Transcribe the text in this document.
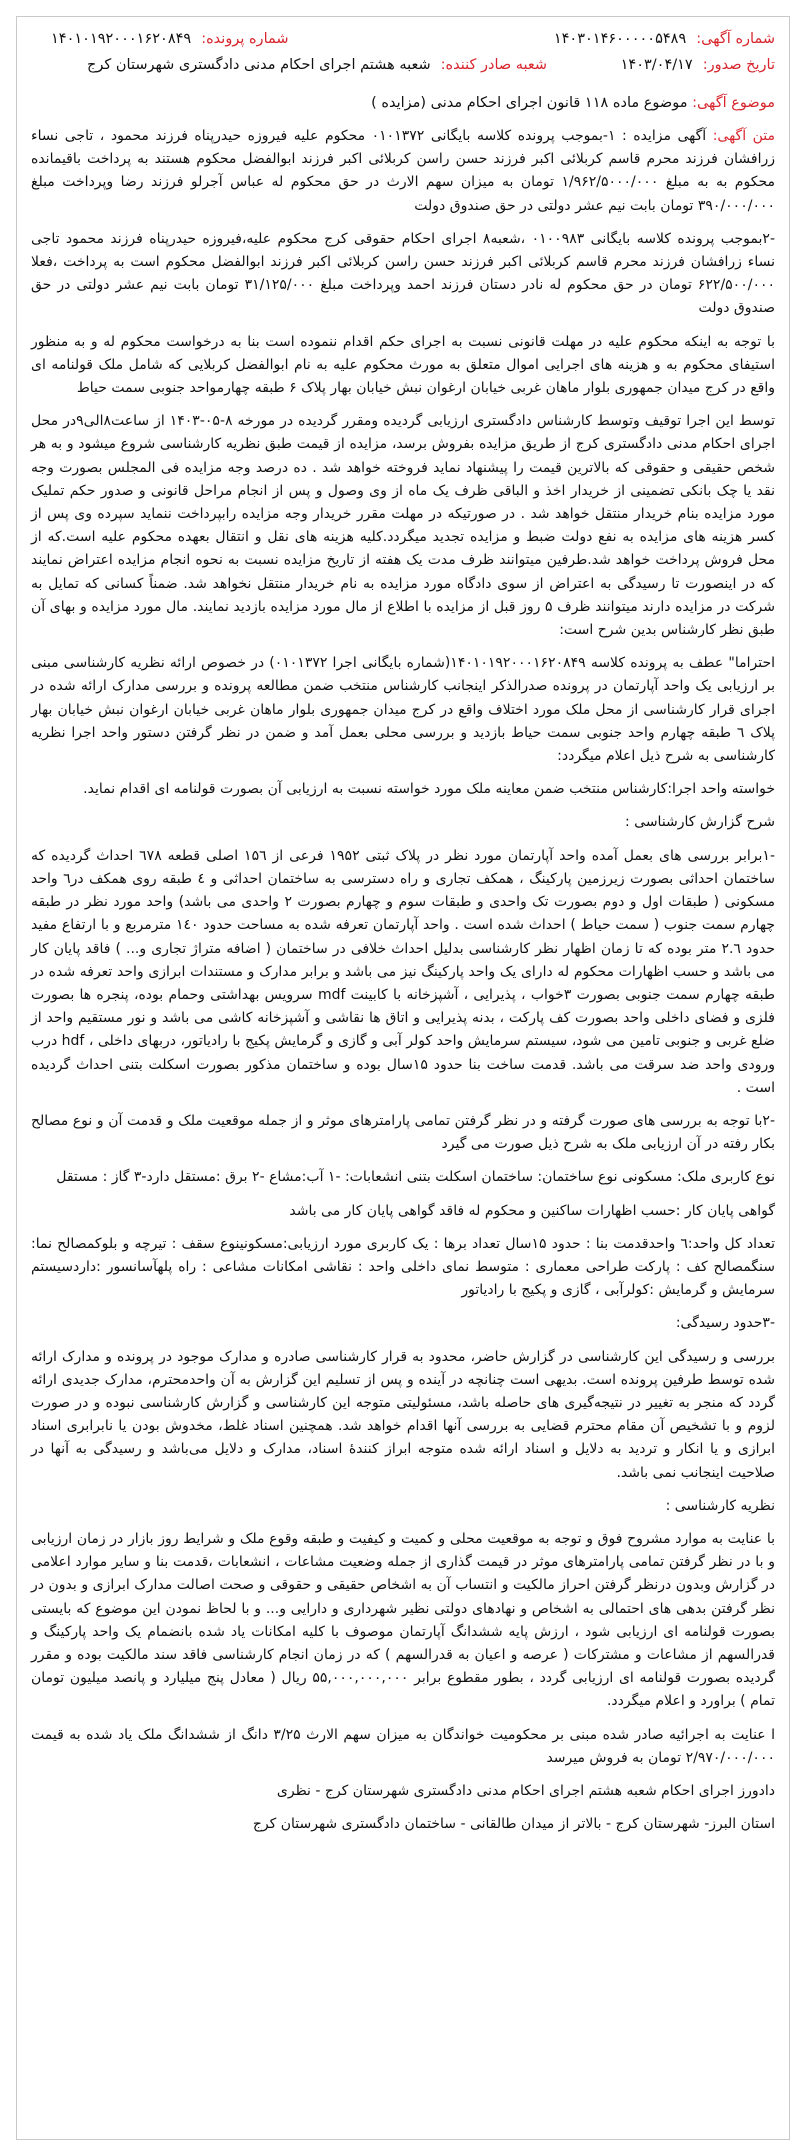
شماره آگهی:
۱۴۰۳۰۱۴۶۰۰۰۰۰۵۴۸۹
شماره پرونده:
۱۴۰۱۰۱۹۲۰۰۰۱۶۲۰۸۴۹
تاریخ صدور:
۱۴۰۳/۰۴/۱۷
شعبه صادر کننده:
شعبه هشتم اجرای احکام مدنی دادگستری شهرستان کرج
موضوع آگهی: موضوع ماده ۱۱۸ قانون اجرای احکام مدنی (مزایده )

متن آگهی: آگهی مزایده : ۱-بموجب پرونده کلاسه بایگانی ۰۱۰۱۳۷۲ محکوم علیه فیروزه حیدرپناه فرزند محمود ، تاجی نساء زرافشان فرزند محرم قاسم کربلائی اکبر فرزند حسن راسن کربلائی اکبر فرزند ابوالفضل محکوم هستند به پرداخت باقیمانده محکوم به به مبلغ ۱/۹۶۲/۵۰۰۰/۰۰۰ تومان به میزان سهم الارث در حق محکوم له عباس آجرلو فرزند رضا وپرداخت مبلغ ۳۹۰/۰۰۰/۰۰۰ تومان بابت نیم عشر دولتی در حق صندوق دولت

-۲بموجب پرونده کلاسه بایگانی ۰۱۰۰۹۸۳ ،شعبه۸ اجرای احکام حقوقی کرج محکوم علیه،فیروزه حیدرپناه فرزند محمود تاجی نساء زرافشان فرزند محرم قاسم کربلائی اکبر فرزند حسن راسن کربلائی اکبر فرزند ابوالفضل محکوم است به پرداخت ،فعلا ۶۲۲/۵۰۰/۰۰۰ تومان در حق محکوم له نادر دستان فرزند احمد وپرداخت مبلغ ۳۱/۱۲۵/۰۰۰ تومان بابت نیم عشر دولتی در حق صندوق دولت

با توجه به اینکه محکوم علیه در مهلت قانونی نسبت به اجرای حکم اقدام ننموده است بنا به درخواست محکوم له و به منظور استیفای محکوم به و هزینه های اجرایی اموال متعلق به مورث محکوم علیه به نام ابوالفضل کربلایی که شامل ملک قولنامه ای واقع در کرج میدان جمهوری بلوار ماهان غربی خیابان ارغوان نبش خیابان بهار پلاک ۶ طبقه چهارمواحد جنوبی سمت حیاط

توسط این اجرا توقیف وتوسط کارشناس دادگستری ارزیابی گردیده ومقرر گردیده در مورخه ۸-۰۵-۱۴۰۳ از ساعت۸الی۹در محل اجرای احکام مدنی دادگستری کرج از طریق مزایده بفروش برسد، مزایده از قیمت طبق نظریه کارشناسی شروع میشود و به هر شخص حقیقی و حقوقی که بالاترین قیمت را پیشنهاد نماید فروخته خواهد شد . ده درصد وجه مزایده فی المجلس بصورت وجه نقد یا چک بانکی تضمینی از خریدار اخذ و الباقی ظرف یک ماه از وی وصول و پس از انجام مراحل قانونی و صدور حکم تملیک مورد مزایده بنام خریدار منتقل خواهد شد . در صورتیکه در مهلت مقرر خریدار وجه مزایده رابپرداخت ننماید سپرده وی پس از کسر هزینه های مزایده به نفع دولت ضبط و مزایده تجدید میگردد.کلیه هزینه های نقل و انتقال بعهده محکوم علیه است.که از محل فروش پرداخت خواهد شد.طرفین میتوانند ظرف مدت یک هفته از تاریخ مزایده نسبت به نحوه انجام مزایده اعتراض نمایند که در اینصورت تا رسیدگی به اعتراض از سوی دادگاه مورد مزایده به نام خریدار منتقل نخواهد شد. ضمناً کسانی که تمایل به شرکت در مزایده دارند میتوانند ظرف ۵ روز قبل از مزایده با اطلاع از مال مورد مزایده بازدید نمایند. مال مورد مزایده و بهای آن طبق نظر کارشناس بدین شرح است:

احتراما" عطف به پرونده کلاسه ۱۴۰۱۰۱۹۲۰۰۰۱۶۲۰۸۴۹(شماره بایگانی اجرا ۰۱۰۱۳۷۲) در خصوص ارائه نظریه کارشناسی مبنی بر ارزیابی یک واحد آپارتمان در پرونده صدرالذکر اینجانب کارشناس منتخب ضمن مطالعه پرونده و بررسی مدارک ارائه شده در اجرای قرار کارشناسی از محل ملک مورد اختلاف واقع در کرج میدان جمهوری بلوار ماهان غربی خیابان ارغوان نبش خیابان بهار پلاک ٦ طبقه چهارم واحد جنوبی سمت حیاط بازدید و بررسی محلی بعمل آمد و ضمن در نظر گرفتن دستور واحد اجرا نظریه کارشناسی به شرح ذیل اعلام میگردد:

خواسته واحد اجرا:کارشناس منتخب ضمن معاینه ملک مورد خواسته نسبت به ارزیابی آن بصورت قولنامه ای اقدام نماید.

شرح گزارش کارشناسی :

-۱برابر بررسی های بعمل آمده واحد آپارتمان مورد نظر در پلاک ثبتی ۱۹۵۲ فرعی از ۱۵٦ اصلی قطعه ٦٧٨ احداث گردیده که ساختمان احداثی بصورت زیرزمین پارکینگ ، همکف تجاری و راه دسترسی به ساختمان احداثی و ٤ طبقه روی همکف در٦ واحد مسکونی ( طبقات اول و دوم بصورت تک واحدی و طبقات سوم و چهارم بصورت ۲ واحدی می باشد) واحد مورد نظر در طبقه چهارم سمت جنوب ( سمت حیاط ) احداث شده است . واحد آپارتمان تعرفه شده به مساحت حدود ۱٤۰ مترمربع و با ارتفاع مفید حدود ۲.٦ متر بوده که تا زمان اظهار نظر کارشناسی بدلیل احداث خلافی در ساختمان ( اضافه متراژ تجاری و... ) فاقد پایان کار می باشد و حسب اظهارات محکوم له دارای یک واحد پارکینگ نیز می باشد و برابر مدارک و مستندات ابرازی واحد تعرفه شده در طبقه چهارم سمت جنوبی بصورت ۳خواب ، پذیرایی ، آشپزخانه با کابینت mdf سرویس بهداشتی وحمام بوده، پنجره ها بصورت فلزی و فضای داخلی واحد بصورت کف پارکت ، بدنه پذیرایی و اتاق ها نقاشی و آشپزخانه کاشی می باشد و نور مستقیم واحد از ضلع غربی و جنوبی تامین می شود، سیستم سرمایش واحد کولر آبی و گازی و گرمایش پکیج با رادیاتور، دربهای داخلی ، hdf درب ورودی واحد ضد سرقت می باشد. قدمت ساخت بنا حدود ۱۵سال بوده و ساختمان مذکور بصورت اسکلت بتنی احداث گردیده است .

-۲با توجه به بررسی های صورت گرفته و در نظر گرفتن تمامی پارامترهای موثر و از جمله موقعیت ملک و قدمت آن و نوع مصالح بکار رفته در آن ارزیابی ملک به شرح ذیل صورت می گیرد

نوع کاربری ملک: مسکونی نوع ساختمان: ساختمان اسکلت بتنی انشعابات: -۱ آب:مشاع -۲ برق :مستقل دارد-۳ گاز : مستقل

گواهی پایان کار :حسب اظهارات ساکنین و محکوم له فاقد گواهی پایان کار می باشد

تعداد کل واحد:٦ واحدقدمت بنا : حدود ۱۵سال تعداد برها : یک کاربری مورد ارزیابی:مسکونینوع سقف : تیرچه و بلوکمصالح نما: سنگمصالح کف : پارکت طراحی معماری : متوسط نمای داخلی واحد : نقاشی امکانات مشاعی : راه پلهآسانسور :داردسیستم سرمایش و گرمایش :کولرآبی ، گازی و پکیج با رادیاتور

-۳حدود رسیدگی:

بررسی و رسیدگی این کارشناسی در گزارش حاضر، محدود به قرار کارشناسی صادره و مدارک موجود در پرونده و مدارک ارائه شده توسط طرفین پرونده است. بدیهی است چنانچه در آینده و پس از تسلیم این گزارش به آن واحدمحترم، مدارک جدیدی ارائه گردد که منجر به تغییر در نتیجه‌گیری های حاصله باشد، مسئولیتی متوجه این کارشناسی و گزارش کارشناسی نبوده و در صورت لزوم و با تشخیص آن مقام محترم قضایی به بررسی آنها اقدام خواهد شد. همچنین اسناد غلط، مخدوش بودن یا نابرابری اسناد ابرازی و یا انکار و تردید به دلایل و اسناد ارائه شده متوجه ابراز کنندۀ اسناد، مدارک و دلایل می‌باشد و رسیدگی به آنها در صلاحیت اینجانب نمی باشد.

نظریه کارشناسی :

با عنایت به موارد مشروح فوق و توجه به موقعیت محلی و کمیت و کیفیت و طبقه وقوع ملک و شرایط روز بازار در زمان ارزیابی و با در نظر گرفتن تمامی پارامترهای موثر در قیمت گذاری از جمله وضعیت مشاعات ، انشعابات ،قدمت بنا و سایر موارد اعلامی در گزارش وبدون درنظر گرفتن احراز مالکیت و انتساب آن به اشخاص حقیقی و حقوقی و صحت اصالت مدارک ابرازی و بدون در نظر گرفتن بدهی های احتمالی به اشخاص و نهادهای دولتی نظیر شهرداری و دارایی و... و با لحاظ نمودن این موضوع که بایستی بصورت قولنامه ای ارزیابی شود ، ارزش پایه ششدانگ آپارتمان موصوف با کلیه امکانات یاد شده بانضمام یک واحد پارکینگ و قدرالسهم از مشاعات و مشترکات ( عرصه و اعیان به قدرالسهم ) که در زمان انجام کارشناسی فاقد سند مالکیت بوده و مقرر گردیده بصورت قولنامه ای ارزیابی گردد ، بطور مقطوع برابر ۵۵,۰۰۰,۰۰۰,۰۰۰ ریال ( معادل پنج میلیارد و پانصد میلیون تومان تمام ) براورد و اعلام میگردد.

ا عنایت به اجرائیه صادر شده مبنی بر محکومیت خواندگان به میزان سهم الارث ۳/۲۵ دانگ از ششدانگ ملک یاد شده به قیمت ۲/۹۷۰/۰۰۰/۰۰۰ تومان به فروش میرسد

دادورز اجرای احکام شعبه هشتم اجرای احکام مدنی دادگستری شهرستان کرج - نظری

استان البرز- شهرستان کرج - بالاتر از میدان طالقانی - ساختمان دادگستری شهرستان کرج
